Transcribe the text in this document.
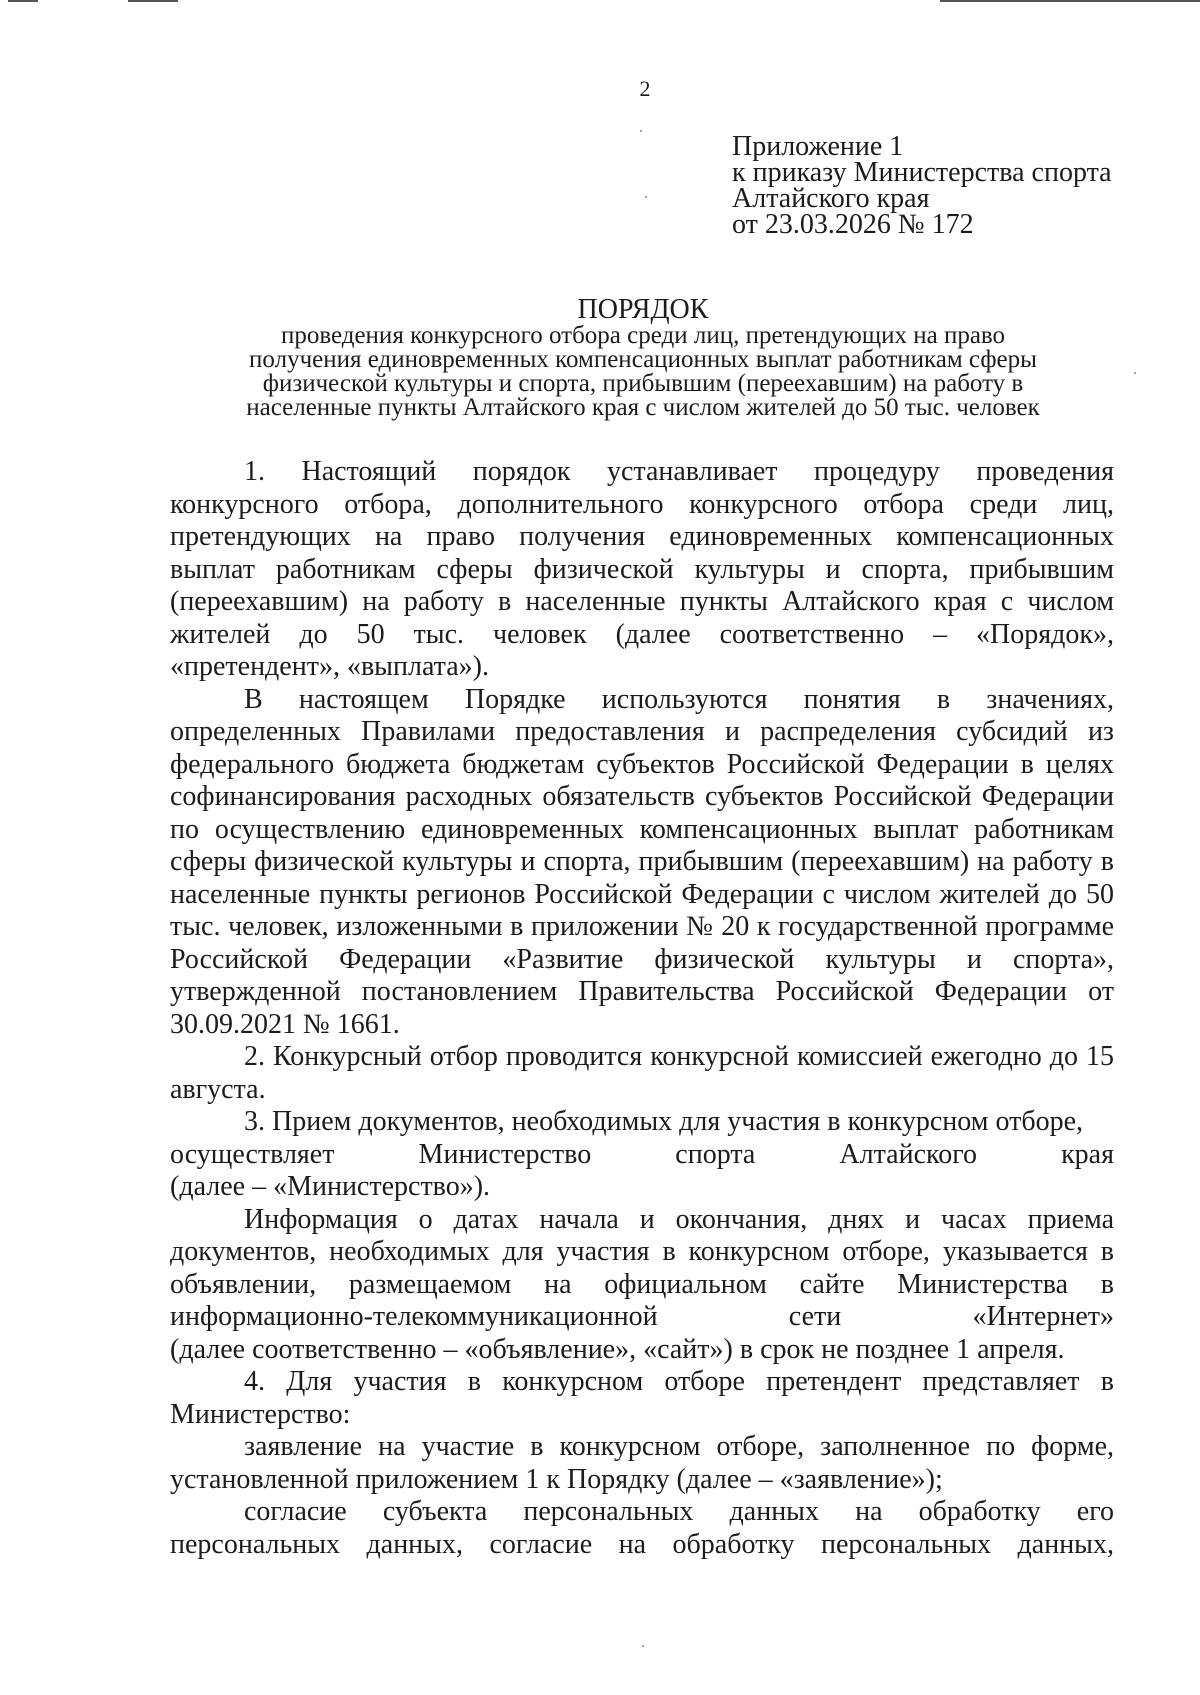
2
Приложение 1
к приказу Министерства спорта
Алтайского края
от 23.03.2026 № 172
ПОРЯДОК
проведения конкурсного отбора среди лиц, претендующих на право
получения единовременных компенсационных выплат работникам сферы
физической культуры и спорта, прибывшим (переехавшим) на работу в
населенные пункты Алтайского края с числом жителей до 50 тыс. человек

1. Настоящий порядок устанавливает процедуру проведения конкурсного отбора, дополнительного конкурсного отбора среди лиц, претендующих на право получения единовременных компенсационных выплат работникам сферы физической культуры и спорта, прибывшим (переехавшим) на работу в населенные пункты Алтайского края с числом жителей до 50 тыс. человек (далее соответственно – «Порядок», «претендент», «выплата»).

В настоящем Порядке используются понятия в значениях, определенных Правилами предоставления и распределения субсидий из федерального бюджета бюджетам субъектов Российской Федерации в целях софинансирования расходных обязательств субъектов Российской Федерации по осуществлению единовременных компенсационных выплат работникам сферы физической культуры и спорта, прибывшим (переехавшим) на работу в населенные пункты регионов Российской Федерации с числом жителей до 50 тыс. человек, изложенными в приложении № 20 к государственной программе Российской Федерации «Развитие физической культуры и спорта», утвержденной постановлением Правительства Российской Федерации от 30.09.2021 № 1661.

2. Конкурсный отбор проводится конкурсной комиссией ежегодно до 15 августа.

3. Прием документов, необходимых для участия в конкурсном отборе,
осуществляет Министерство спорта Алтайского края
(далее – «Министерство»).
Информация о датах начала и окончания, днях и часах приема
документов, необходимых для участия в конкурсном отборе, указывается в
объявлении, размещаемом на официальном сайте Министерства в
информационно-телекоммуникационной сети «Интернет»
(далее соответственно – «объявление», «сайт») в срок не позднее 1 апреля.

4. Для участия в конкурсном отборе претендент представляет в Министерство:

заявление на участие в конкурсном отборе, заполненное по форме, установленной приложением 1 к Порядку (далее – «заявление»);

согласие субъекта персональных данных на обработку его
персональных данных, согласие на обработку персональных данных,
